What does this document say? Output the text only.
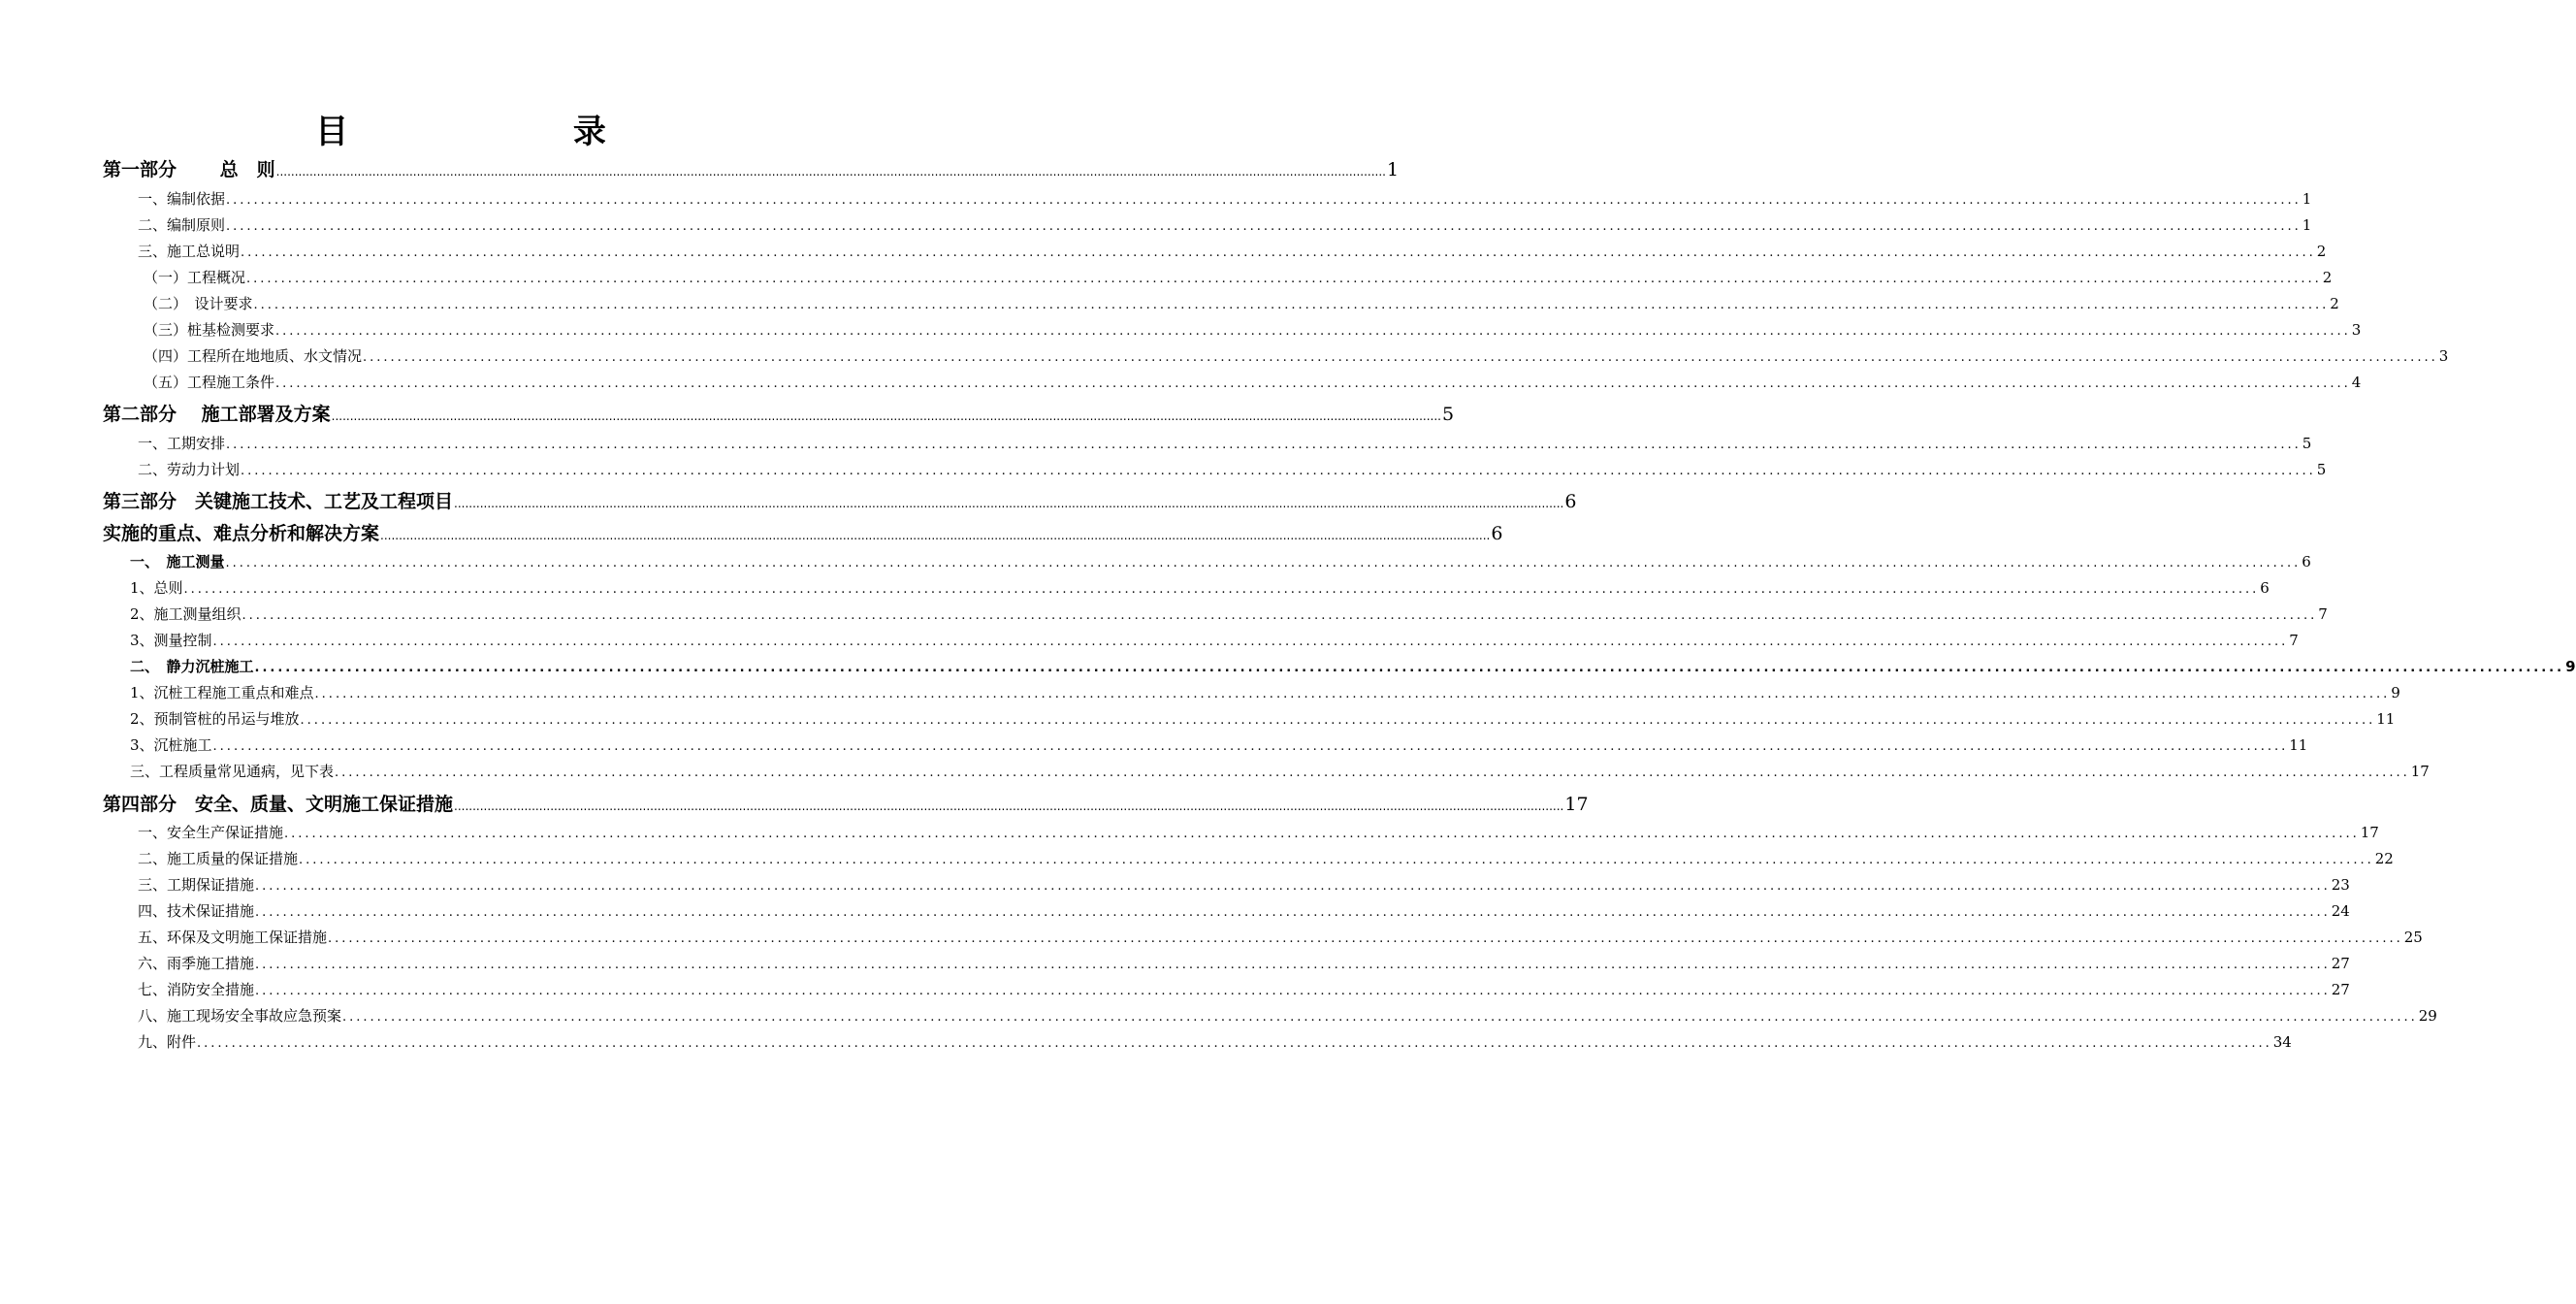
目 录
第一部分　　 总　则 ............................................................................................................................................................................................................................................................................................................ 1
一、编制依据 ............................................................................................................................................................................................................................................................................................................ 1
二、编制原则 ............................................................................................................................................................................................................................................................................................................ 1
三、施工总说明 ............................................................................................................................................................................................................................................................................................................ 2
（一）工程概况 ............................................................................................................................................................................................................................................................................................................ 2
（二）　设计要求 ............................................................................................................................................................................................................................................................................................................ 2
（三）桩基检测要求 ............................................................................................................................................................................................................................................................................................................ 3
（四）工程所在地地质、水文情况 ............................................................................................................................................................................................................................................................................................................ 3
（五）工程施工条件 ............................................................................................................................................................................................................................................................................................................ 4
第二部分　 施工部署及方案 ............................................................................................................................................................................................................................................................................................................ 5
一、工期安排 ............................................................................................................................................................................................................................................................................................................ 5
二、劳动力计划 ............................................................................................................................................................................................................................................................................................................ 5
第三部分　关键施工技术、工艺及工程项目 ............................................................................................................................................................................................................................................................................................................ 6
实施的重点、难点分析和解决方案 ............................................................................................................................................................................................................................................................................................................ 6
一、　施工测量 ............................................................................................................................................................................................................................................................................................................ 6
1、总则 ............................................................................................................................................................................................................................................................................................................ 6
2、施工测量组织 ............................................................................................................................................................................................................................................................................................................ 7
3、测量控制 ............................................................................................................................................................................................................................................................................................................ 7
二、　静力沉桩施工 ............................................................................................................................................................................................................................................................................................................ 9
1、沉桩工程施工重点和难点 ............................................................................................................................................................................................................................................................................................................ 9
2、预制管桩的吊运与堆放 ............................................................................................................................................................................................................................................................................................................ 11
3、沉桩施工 ............................................................................................................................................................................................................................................................................................................ 11
三、工程质量常见通病，见下表 ............................................................................................................................................................................................................................................................................................................ 17
第四部分　安全、质量、文明施工保证措施 ............................................................................................................................................................................................................................................................................................................ 17
一、安全生产保证措施 ............................................................................................................................................................................................................................................................................................................ 17
二、施工质量的保证措施 ............................................................................................................................................................................................................................................................................................................ 22
三、工期保证措施 ............................................................................................................................................................................................................................................................................................................ 23
四、技术保证措施 ............................................................................................................................................................................................................................................................................................................ 24
五、环保及文明施工保证措施 ............................................................................................................................................................................................................................................................................................................ 25
六、雨季施工措施 ............................................................................................................................................................................................................................................................................................................ 27
七、消防安全措施 ............................................................................................................................................................................................................................................................................................................ 27
八、施工现场安全事故应急预案 ............................................................................................................................................................................................................................................................................................................ 29
九、附件 ............................................................................................................................................................................................................................................................................................................ 34
